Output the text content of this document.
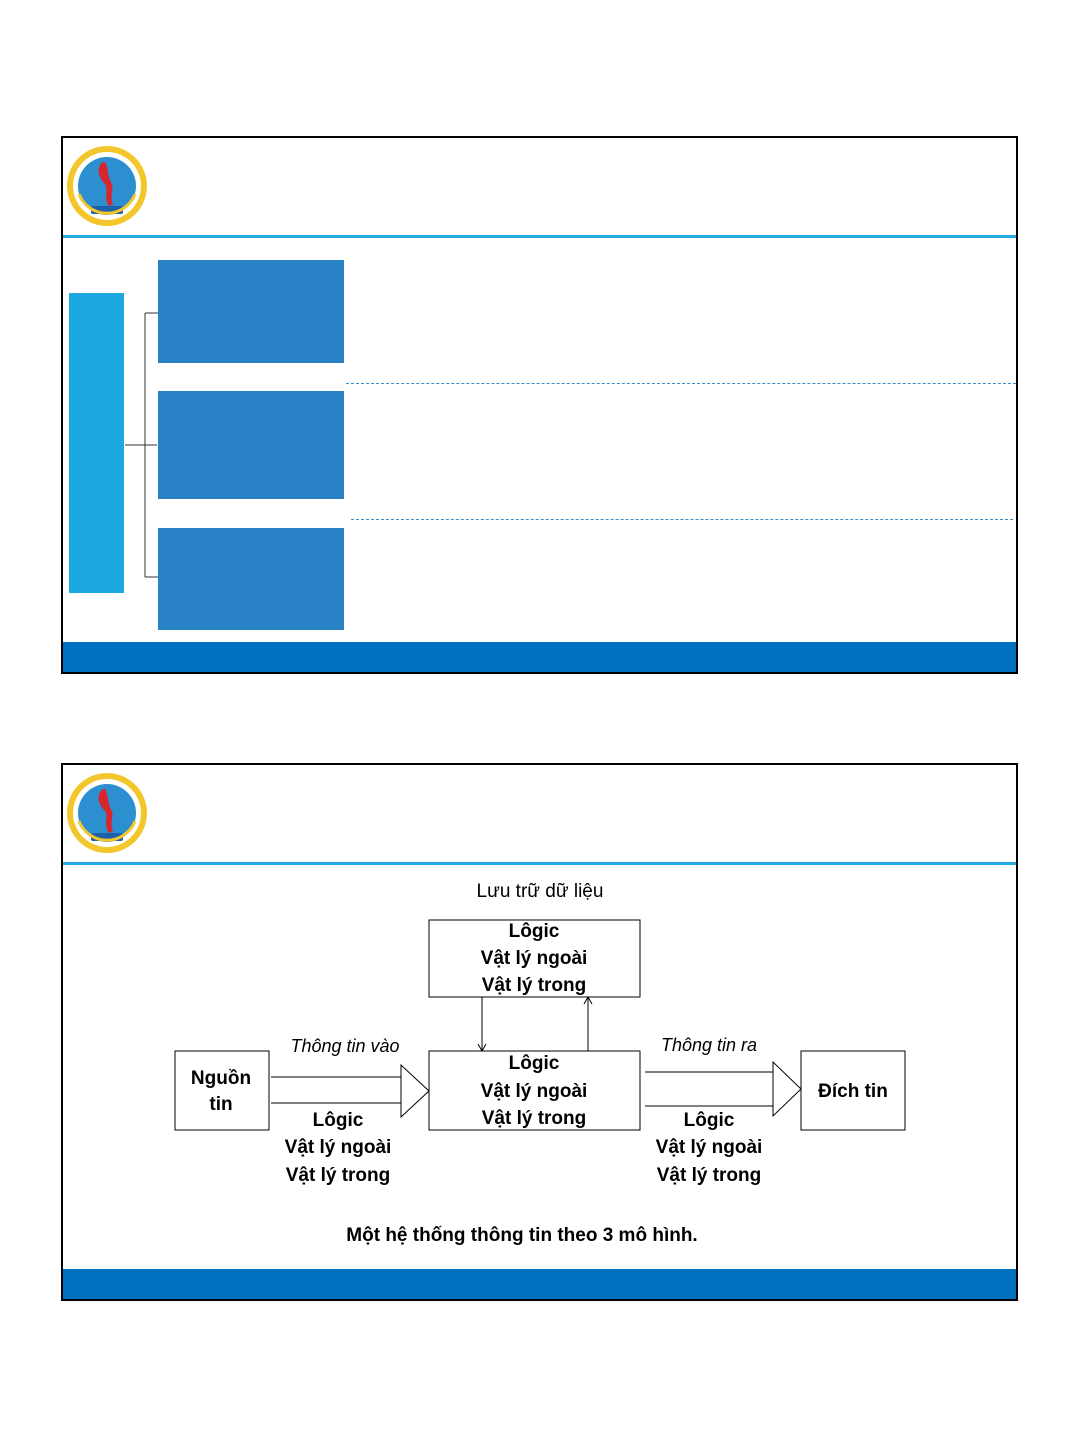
Lưu trữ dữ liệu
Lôgic
Vật lý ngoài
Vật lý trong
Lôgic
Vật lý ngoài
Vật lý trong
Nguồn
tin
Đích tin
Thông tin vào
Lôgic
Vật lý ngoài
Vật lý trong
Thông tin ra
Lôgic
Vật lý ngoài
Vật lý trong
Một hệ thống thông tin theo 3 mô hình.
